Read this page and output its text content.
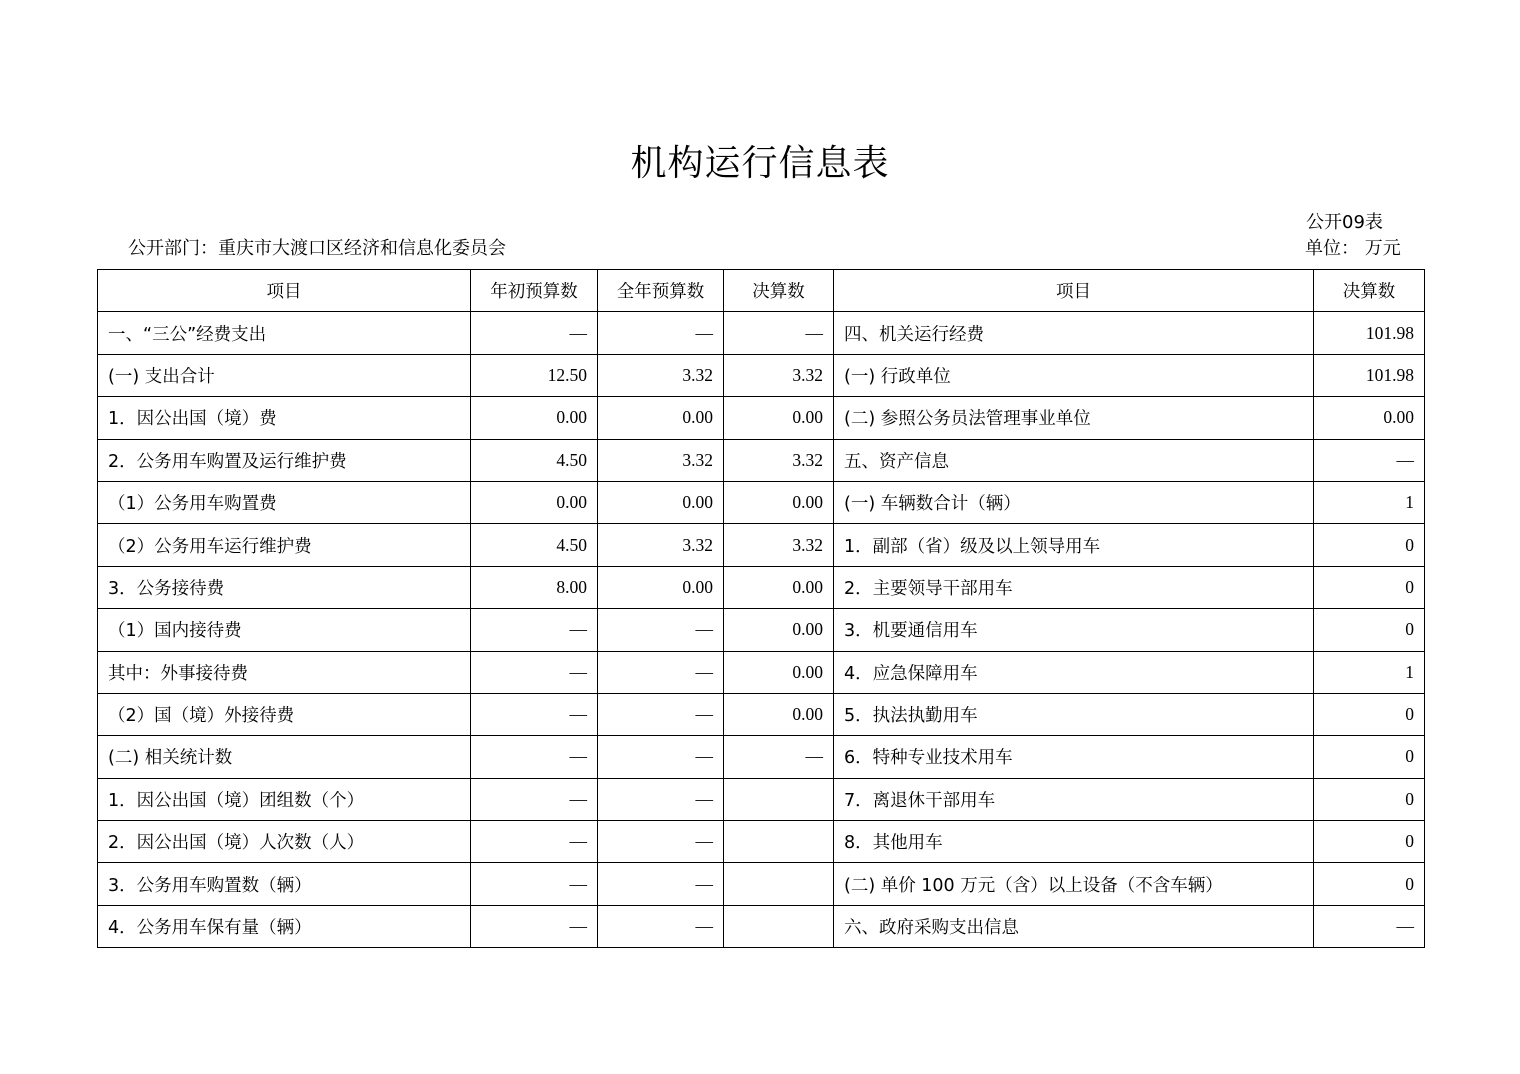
机构运行信息表
公开09表
公开部门：重庆市大渡口区经济和信息化委员会	单位： 万元
项目	年初预算数	全年预算数	决算数	项目	决算数
一、“三公”经费支出	—	—	—	四、机关运行经费	101.98
(一) 支出合计	12.50	3.32	3.32	(一) 行政单位	101.98
1．因公出国（境）费	0.00	0.00	0.00	(二) 参照公务员法管理事业单位	0.00
2．公务用车购置及运行维护费	4.50	3.32	3.32	五、资产信息	—
（1）公务用车购置费	0.00	0.00	0.00	(一) 车辆数合计（辆）	1
（2）公务用车运行维护费	4.50	3.32	3.32	1．副部（省）级及以上领导用车	0
3．公务接待费	8.00	0.00	0.00	2．主要领导干部用车	0
（1）国内接待费	—	—	0.00	3．机要通信用车	0
其中：外事接待费	—	—	0.00	4．应急保障用车	1
（2）国（境）外接待费	—	—	0.00	5．执法执勤用车	0
(二) 相关统计数	—	—	—	6．特种专业技术用车	0
1．因公出国（境）团组数（个）	—	—		7．离退休干部用车	0
2．因公出国（境）人次数（人）	—	—		8．其他用车	0
3．公务用车购置数（辆）	—	—		(二) 单价 100 万元（含）以上设备（不含车辆）	0
4．公务用车保有量（辆）	—	—		六、政府采购支出信息	—
